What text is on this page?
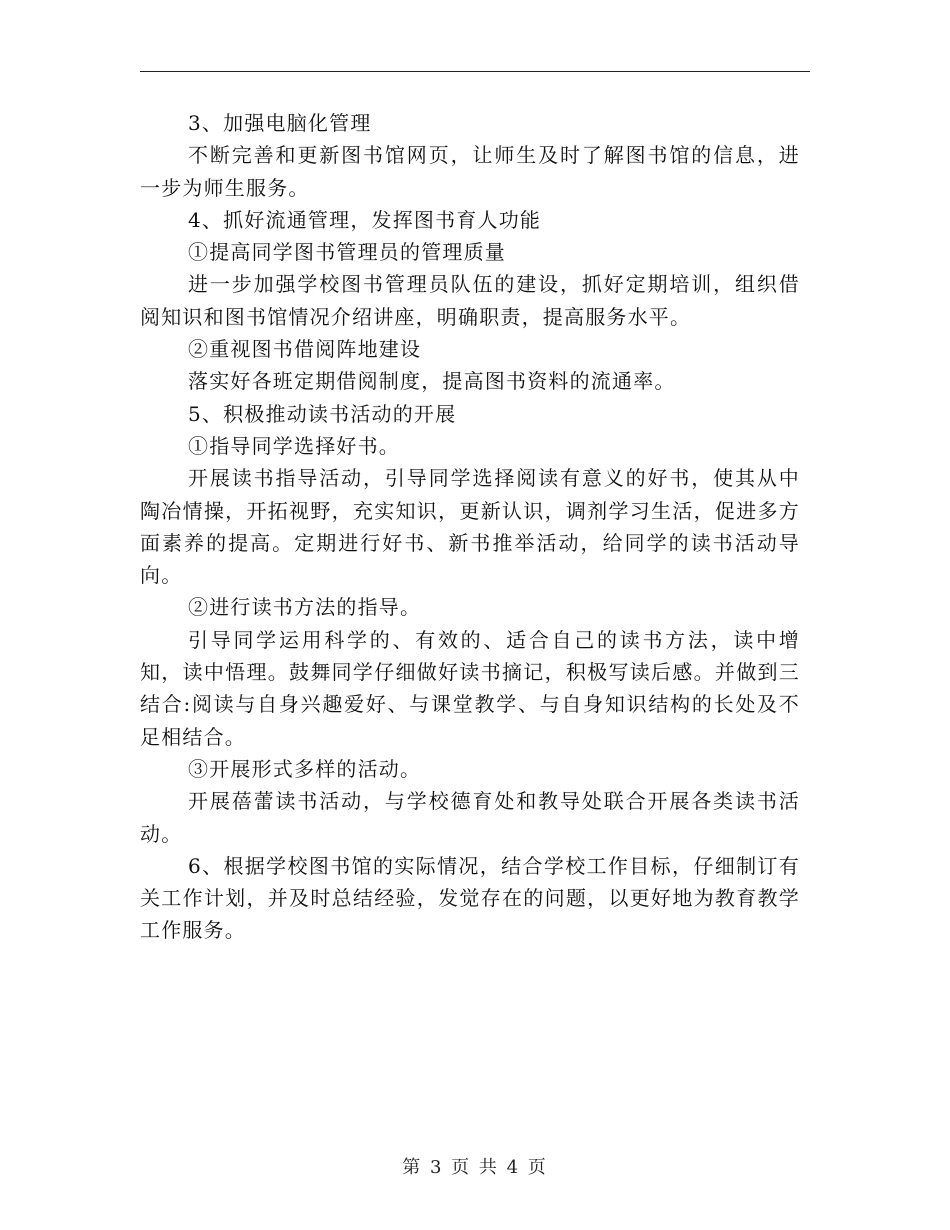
3、加强电脑化管理

不断完善和更新图书馆网页，让师生及时了解图书馆的信息，进一步为师生服务。

4、抓好流通管理，发挥图书育人功能

①提高同学图书管理员的管理质量

进一步加强学校图书管理员队伍的建设，抓好定期培训，组织借阅知识和图书馆情况介绍讲座，明确职责，提高服务水平。

②重视图书借阅阵地建设

落实好各班定期借阅制度，提高图书资料的流通率。

5、积极推动读书活动的开展

①指导同学选择好书。

开展读书指导活动，引导同学选择阅读有意义的好书，使其从中陶冶情操，开拓视野，充实知识，更新认识，调剂学习生活，促进多方面素养的提高。定期进行好书、新书推举活动，给同学的读书活动导向。

②进行读书方法的指导。

引导同学运用科学的、有效的、适合自己的读书方法，读中增知，读中悟理。鼓舞同学仔细做好读书摘记，积极写读后感。并做到三结合:阅读与自身兴趣爱好、与课堂教学、与自身知识结构的长处及不足相结合。

③开展形式多样的活动。

开展蓓蕾读书活动，与学校德育处和教导处联合开展各类读书活动。

6、根据学校图书馆的实际情况，结合学校工作目标，仔细制订有关工作计划，并及时总结经验，发觉存在的问题，以更好地为教育教学工作服务。

第 3 页 共 4 页
